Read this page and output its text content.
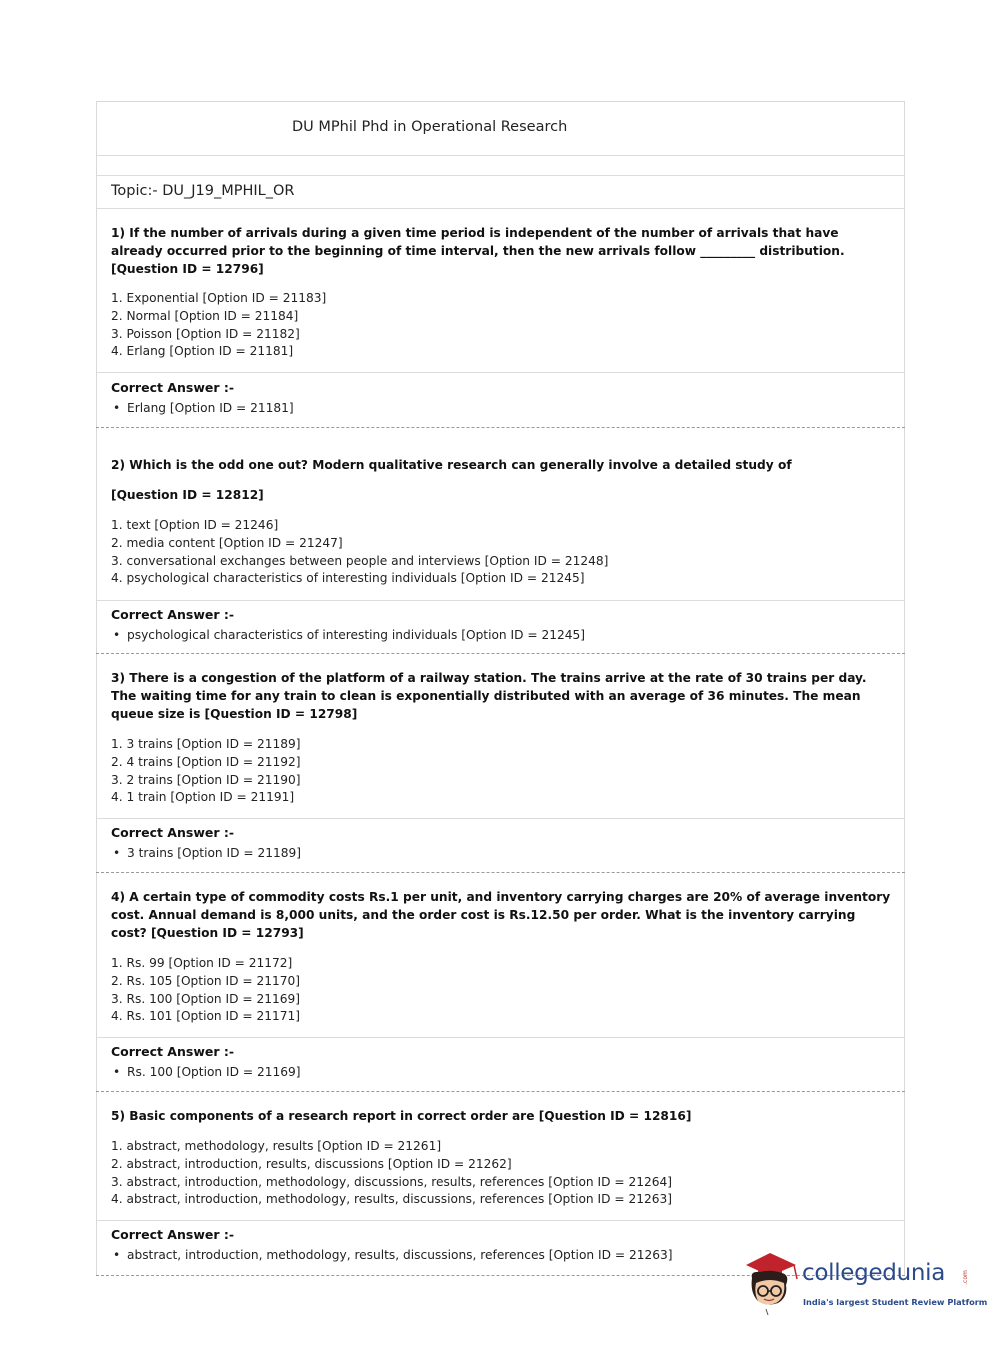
DU MPhil Phd in Operational Research
Topic:- DU_J19_MPHIL_OR
1) If the number of arrivals during a given time period is independent of the number of arrivals that have already occurred prior to the beginning of time interval, then the new arrivals follow _________ distribution. [Question ID = 12796]
1. Exponential [Option ID = 21183]
2. Normal [Option ID = 21184]
3. Poisson [Option ID = 21182]
4. Erlang [Option ID = 21181]
Correct Answer :-
• Erlang [Option ID = 21181]
2) Which is the odd one out? Modern qualitative research can generally involve a detailed study of
[Question ID = 12812]
1. text [Option ID = 21246]
2. media content [Option ID = 21247]
3. conversational exchanges between people and interviews [Option ID = 21248]
4. psychological characteristics of interesting individuals [Option ID = 21245]
Correct Answer :-
• psychological characteristics of interesting individuals [Option ID = 21245]
3) There is a congestion of the platform of a railway station. The trains arrive at the rate of 30 trains per day. The waiting time for any train to clean is exponentially distributed with an average of 36 minutes. The mean queue size is [Question ID = 12798]
1. 3 trains [Option ID = 21189]
2. 4 trains [Option ID = 21192]
3. 2 trains [Option ID = 21190]
4. 1 train [Option ID = 21191]
Correct Answer :-
• 3 trains [Option ID = 21189]
4) A certain type of commodity costs Rs.1 per unit, and inventory carrying charges are 20% of average inventory cost. Annual demand is 8,000 units, and the order cost is Rs.12.50 per order. What is the inventory carrying cost? [Question ID = 12793]
1. Rs. 99 [Option ID = 21172]
2. Rs. 105 [Option ID = 21170]
3. Rs. 100 [Option ID = 21169]
4. Rs. 101 [Option ID = 21171]
Correct Answer :-
• Rs. 100 [Option ID = 21169]
5) Basic components of a research report in correct order are [Question ID = 12816]
1. abstract, methodology, results [Option ID = 21261]
2. abstract, introduction, results, discussions [Option ID = 21262]
3. abstract, introduction, methodology, discussions, results, references [Option ID = 21264]
4. abstract, introduction, methodology, results, discussions, references [Option ID = 21263]
Correct Answer :-
• abstract, introduction, methodology, results, discussions, references [Option ID = 21263]
collegedunia	.com
India's largest Student Review Platform
